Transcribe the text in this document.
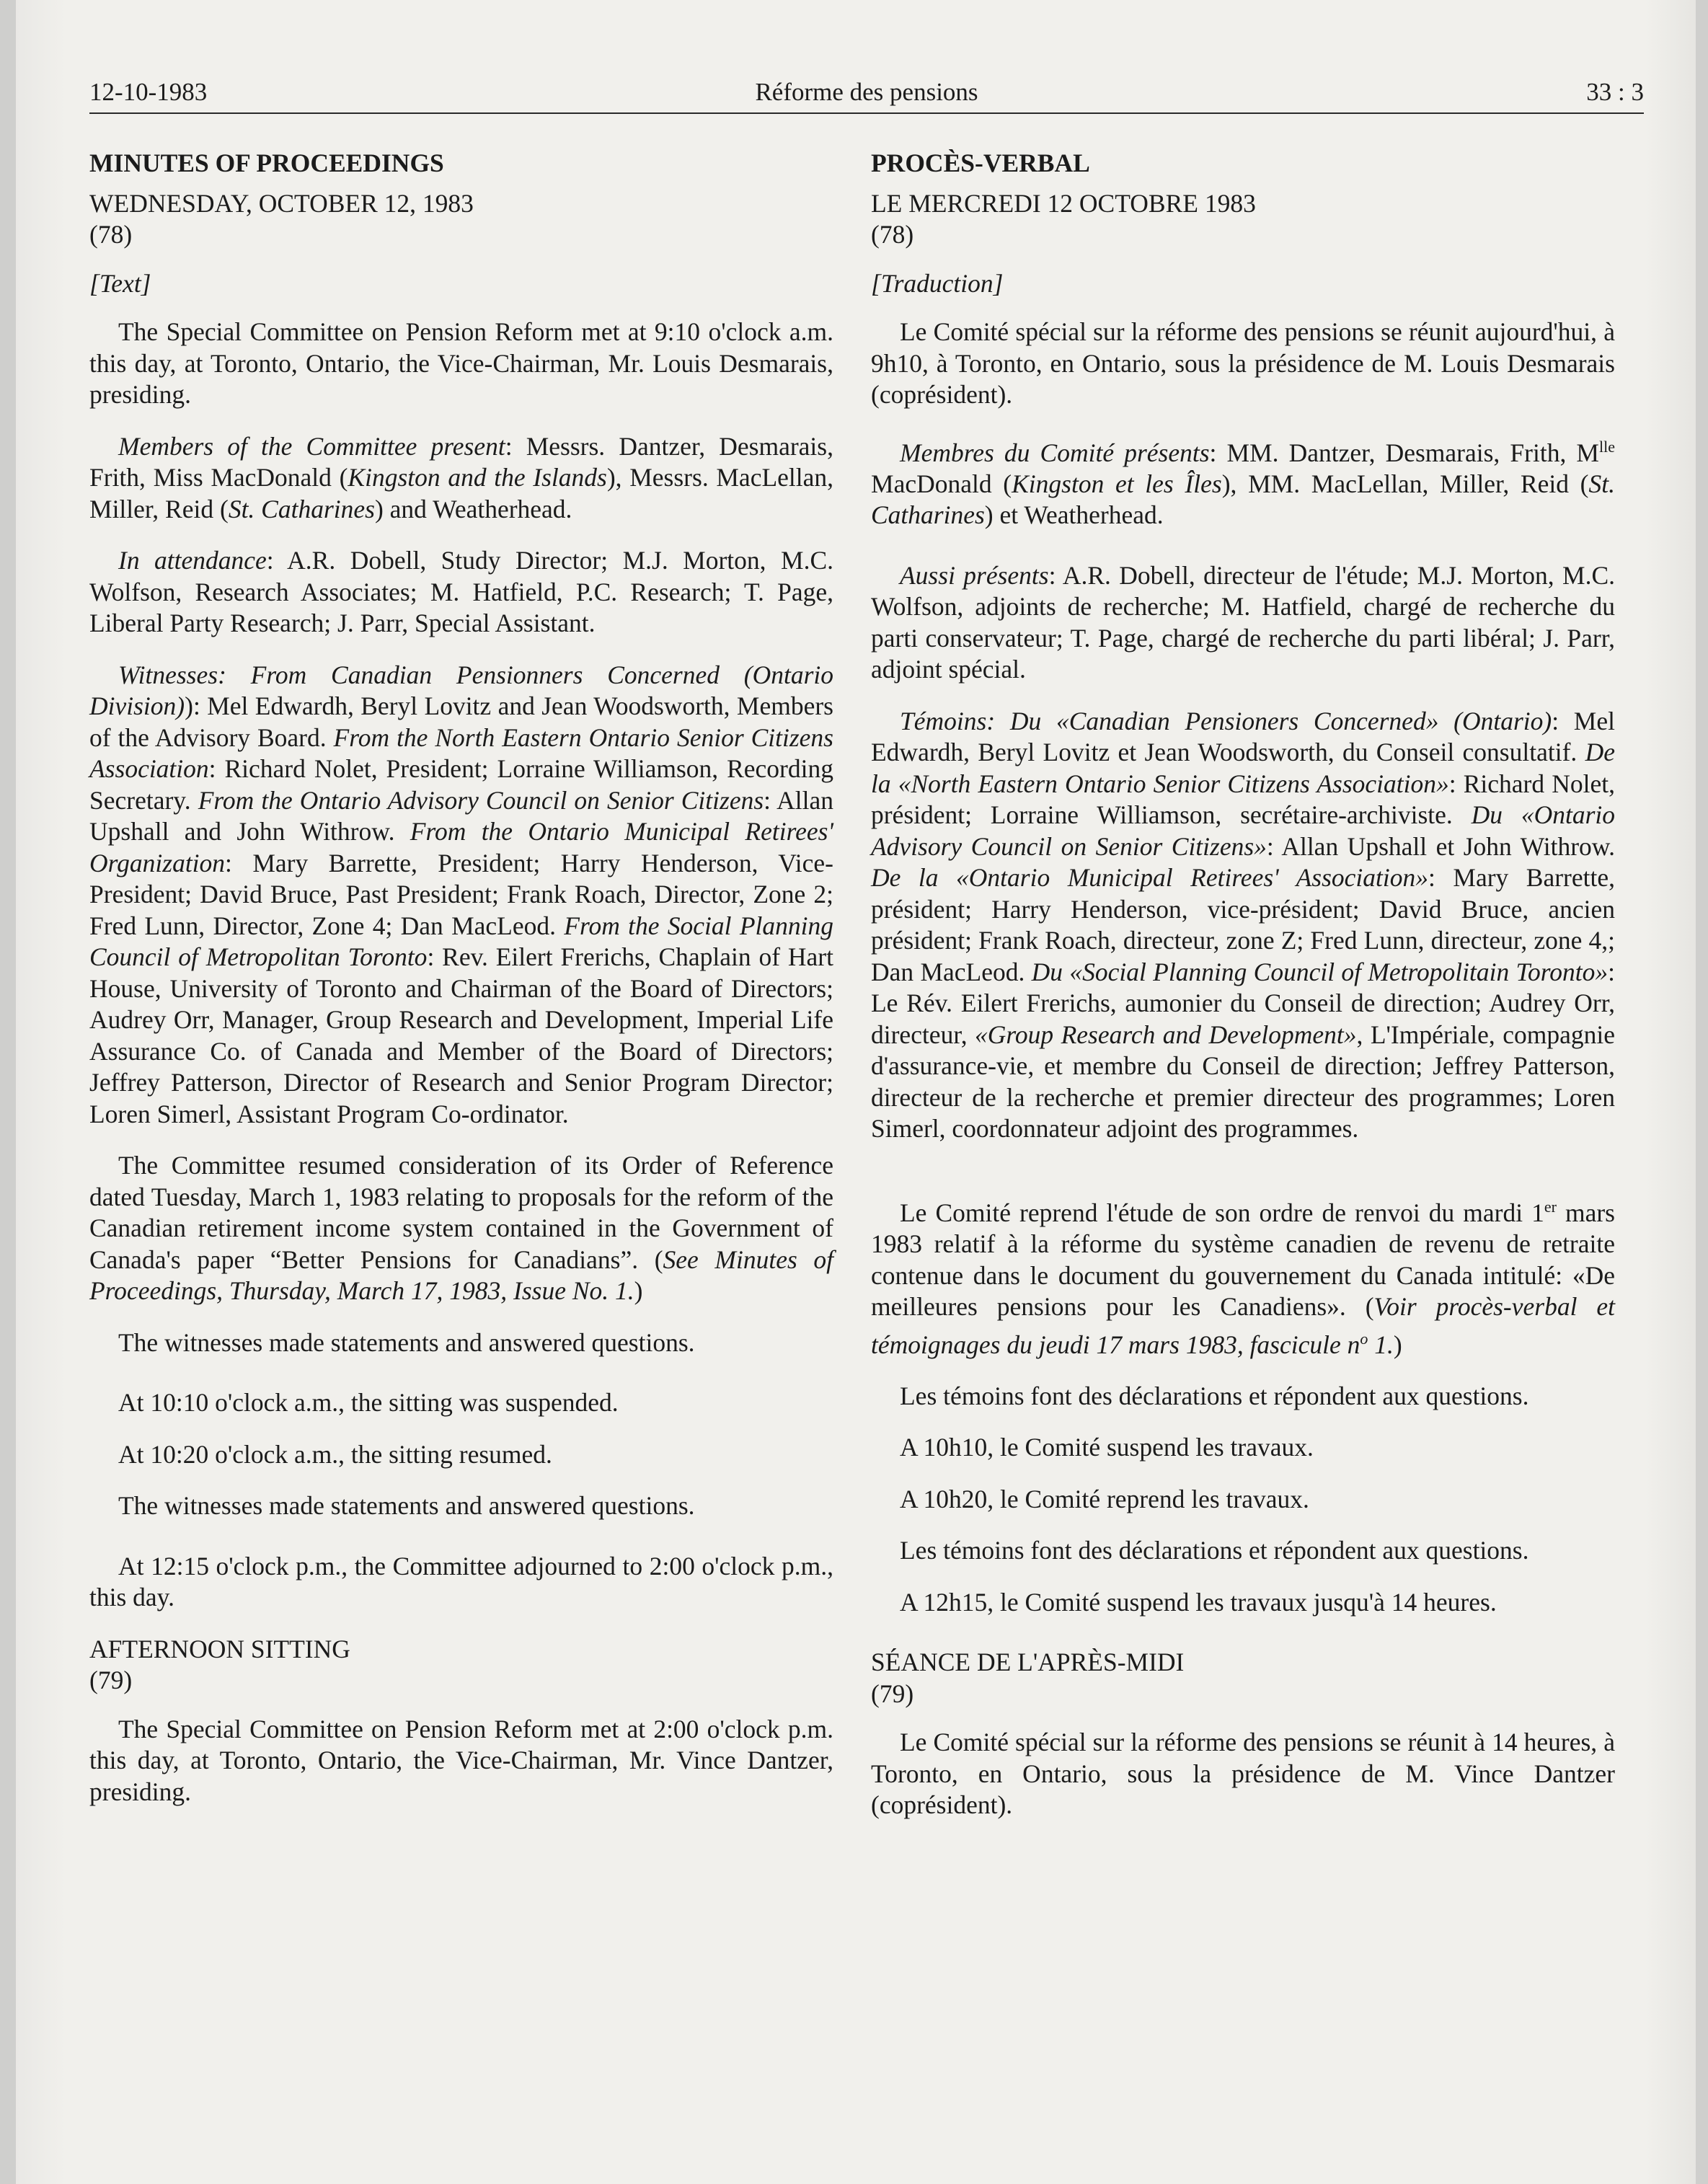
12-10-1983	Réforme des pensions	33 : 3

MINUTES OF PROCEEDINGS

WEDNESDAY, OCTOBER 12, 1983

(78)

[Text]

The Special Committee on Pension Reform met at 9:10 o'clock a.m. this day, at Toronto, Ontario, the Vice-Chairman, Mr. Louis Desmarais, presiding.

Members of the Committee present: Messrs. Dantzer, Desmarais, Frith, Miss MacDonald (Kingston and the Islands), Messrs. MacLellan, Miller, Reid (St. Catharines) and Weatherhead.

In attendance: A.R. Dobell, Study Director; M.J. Morton, M.C. Wolfson, Research Associates; M. Hatfield, P.C. Research; T. Page, Liberal Party Research; J. Parr, Special Assistant.

Witnesses: From Canadian Pensionners Concerned (Ontario Division)): Mel Edwardh, Beryl Lovitz and Jean Woodsworth, Members of the Advisory Board. From the North Eastern Ontario Senior Citizens Association: Richard Nolet, President; Lorraine Williamson, Recording Secretary. From the Ontario Advisory Council on Senior Citizens: Allan Upshall and John Withrow. From the Ontario Municipal Retirees' Organization: Mary Barrette, President; Harry Henderson, Vice-President; David Bruce, Past President; Frank Roach, Director, Zone 2; Fred Lunn, Director, Zone 4; Dan MacLeod. From the Social Planning Council of Metropolitan Toronto: Rev. Eilert Frerichs, Chaplain of Hart House, University of Toronto and Chairman of the Board of Directors; Audrey Orr, Manager, Group Research and Development, Imperial Life Assurance Co. of Canada and Member of the Board of Directors; Jeffrey Patterson, Director of Research and Senior Program Director; Loren Simerl, Assistant Program Co-ordinator.

The Committee resumed consideration of its Order of Reference dated Tuesday, March 1, 1983 relating to proposals for the reform of the Canadian retirement income system contained in the Government of Canada's paper “Better Pensions for Canadians”. (See Minutes of Proceedings, Thursday, March 17, 1983, Issue No. 1.)

The witnesses made statements and answered questions.

At 10:10 o'clock a.m., the sitting was suspended.

At 10:20 o'clock a.m., the sitting resumed.

The witnesses made statements and answered questions.

At 12:15 o'clock p.m., the Committee adjourned to 2:00 o'clock p.m., this day.

AFTERNOON SITTING

(79)

The Special Committee on Pension Reform met at 2:00 o'clock p.m. this day, at Toronto, Ontario, the Vice-Chairman, Mr. Vince Dantzer, presiding.

PROCÈS-VERBAL

LE MERCREDI 12 OCTOBRE 1983

(78)

[Traduction]

Le Comité spécial sur la réforme des pensions se réunit aujourd'hui, à 9h10, à Toronto, en Ontario, sous la présidence de M. Louis Desmarais (coprésident).

Membres du Comité présents: MM. Dantzer, Desmarais, Frith, $M^{lle}$ MacDonald (Kingston et les Îles), MM. MacLellan, Miller, Reid (St. Catharines) et Weatherhead.

Aussi présents: A.R. Dobell, directeur de l'étude; M.J. Morton, M.C. Wolfson, adjoints de recherche; M. Hatfield, chargé de recherche du parti conservateur; T. Page, chargé de recherche du parti libéral; J. Parr, adjoint spécial.

Témoins: Du «Canadian Pensioners Concerned» (Ontario): Mel Edwardh, Beryl Lovitz et Jean Woodsworth, du Conseil consultatif. De la «North Eastern Ontario Senior Citizens Association»: Richard Nolet, président; Lorraine Williamson, secrétaire-archiviste. Du «Ontario Advisory Council on Senior Citizens»: Allan Upshall et John Withrow. De la «Ontario Municipal Retirees' Association»: Mary Barrette, président; Harry Henderson, vice-président; David Bruce, ancien président; Frank Roach, directeur, zone Z; Fred Lunn, directeur, zone 4,; Dan MacLeod. Du «Social Planning Council of Metropolitain Toronto»: Le Rév. Eilert Frerichs, aumonier du Conseil de direction; Audrey Orr, directeur, «Group Research and Development», L'Impériale, compagnie d'assurance-vie, et membre du Conseil de direction; Jeffrey Patterson, directeur de la recherche et premier directeur des programmes; Loren Simerl, coordonnateur adjoint des programmes.

Le Comité reprend l'étude de son ordre de renvoi du mardi 1er mars 1983 relatif à la réforme du système canadien de revenu de retraite contenue dans le document du gouvernement du Canada intitulé: «De meilleures pensions pour les Canadiens». (Voir procès-verbal et témoignages du jeudi 17 mars 1983, fascicule $n^o$ 1.)

Les témoins font des déclarations et répondent aux questions.

A 10h10, le Comité suspend les travaux.

A 10h20, le Comité reprend les travaux.

Les témoins font des déclarations et répondent aux questions.

A 12h15, le Comité suspend les travaux jusqu'à 14 heures.

SÉANCE DE L'APRÈS-MIDI

(79)

Le Comité spécial sur la réforme des pensions se réunit à 14 heures, à Toronto, en Ontario, sous la présidence de M. Vince Dantzer (coprésident).
